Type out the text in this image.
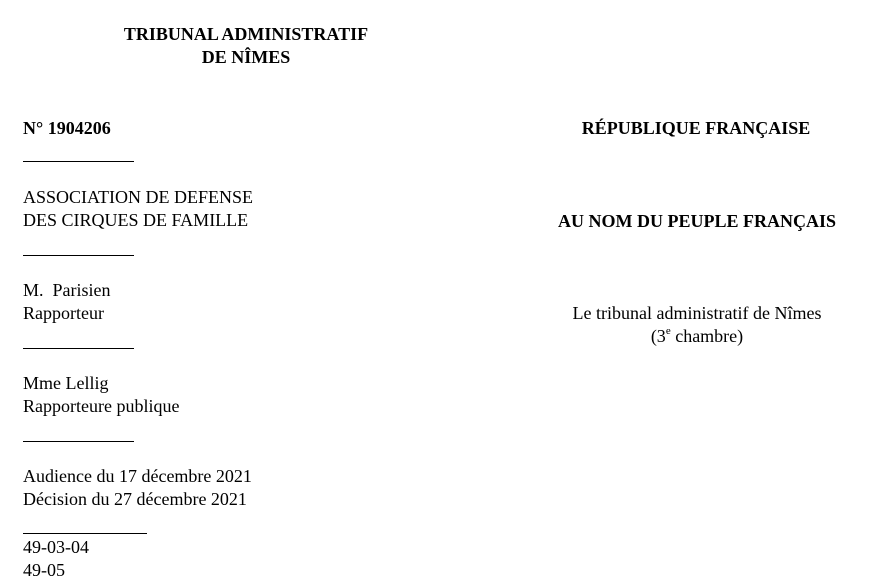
TRIBUNAL ADMINISTRATIF
DE NÎMES
N° 1904206
ASSOCIATION DE DEFENSE
DES CIRQUES DE FAMILLE
M.  Parisien
Rapporteur
Mme Lellig
Rapporteure publique
Audience du 17 décembre 2021
Décision du 27 décembre 2021
49-03-04
49-05
RÉPUBLIQUE FRANÇAISE
AU NOM DU PEUPLE FRANÇAIS
Le tribunal administratif de Nîmes
(3e chambre)
